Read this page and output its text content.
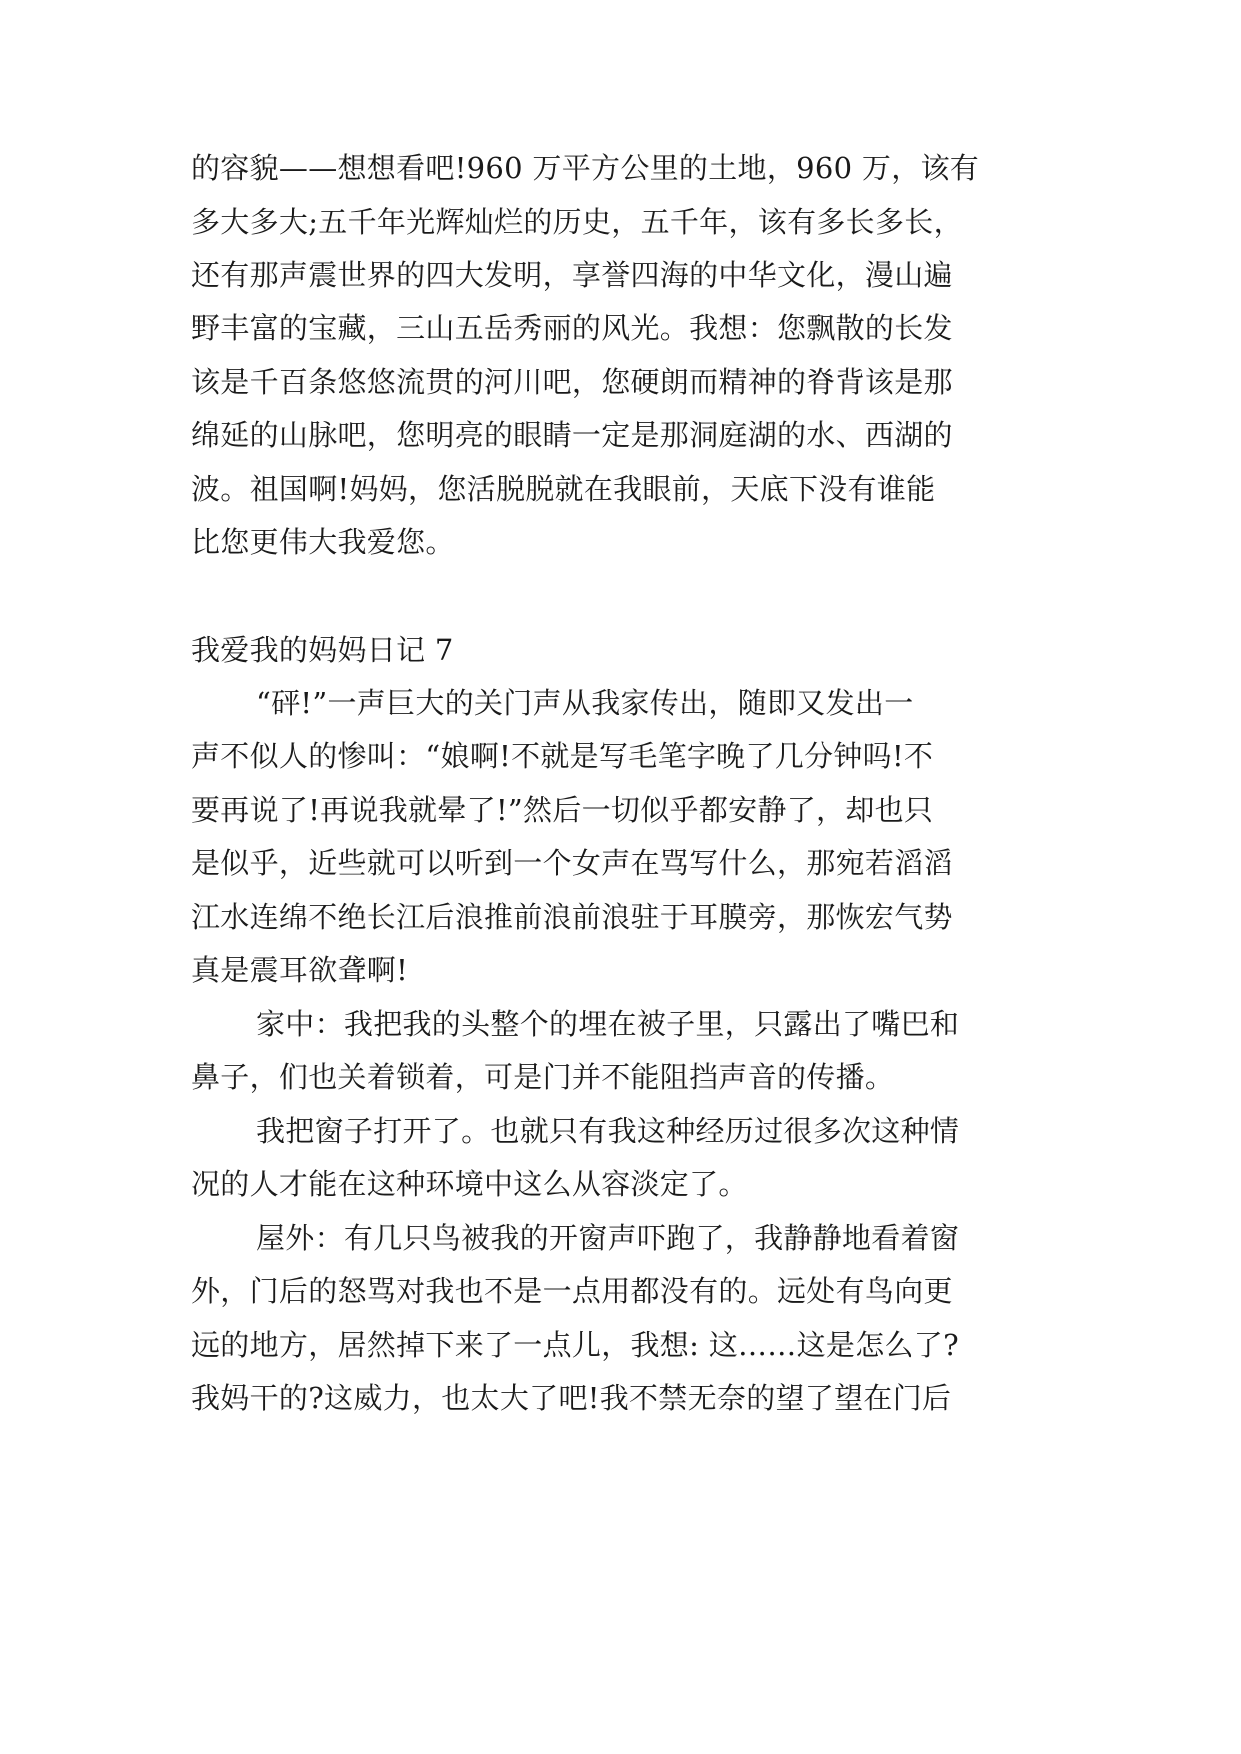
的容貌——想想看吧!960 万平方公里的土地，960 万，该有
多大多大;五千年光辉灿烂的历史，五千年，该有多长多长，
还有那声震世界的四大发明，享誉四海的中华文化，漫山遍
野丰富的宝藏，三山五岳秀丽的风光。我想：您飘散的长发
该是千百条悠悠流贯的河川吧，您硬朗而精神的脊背该是那
绵延的山脉吧，您明亮的眼睛一定是那洞庭湖的水、西湖的
波。祖国啊!妈妈，您活脱脱就在我眼前，天底下没有谁能
比您更伟大我爱您。
我爱我的妈妈日记 7
“砰!”一声巨大的关门声从我家传出，随即又发出一
声不似人的惨叫：“娘啊!不就是写毛笔字晚了几分钟吗!不
要再说了!再说我就晕了!”然后一切似乎都安静了，却也只
是似乎，近些就可以听到一个女声在骂写什么，那宛若滔滔
江水连绵不绝长江后浪推前浪前浪驻于耳膜旁，那恢宏气势
真是震耳欲聋啊!
家中：我把我的头整个的埋在被子里，只露出了嘴巴和
鼻子，们也关着锁着，可是门并不能阻挡声音的传播。
我把窗子打开了。也就只有我这种经历过很多次这种情
况的人才能在这种环境中这么从容淡定了。
屋外：有几只鸟被我的开窗声吓跑了，我静静地看着窗
外，门后的怒骂对我也不是一点用都没有的。远处有鸟向更
远的地方，居然掉下来了一点儿，我想: 这……这是怎么了?
我妈干的?这威力，也太大了吧!我不禁无奈的望了望在门后
